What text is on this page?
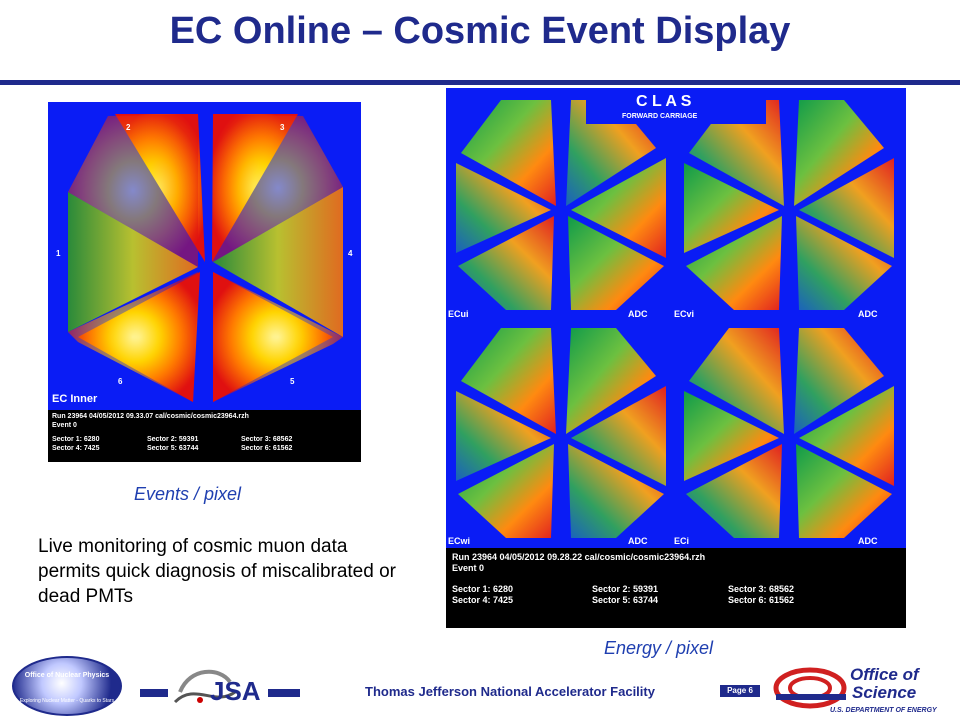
EC Online – Cosmic Event Display
2	3
1	4
6	5
EC Inner
Run 23964 04/05/2012 09.33.07 cal/cosmic/cosmic23964.rzh
Event 0
Sector 1: 6280	Sector 2: 59391	Sector 3: 68562
Sector 4: 7425	Sector 5: 63744	Sector 6: 61562
Events / pixel
Live monitoring of cosmic muon data permits quick diagnosis of miscalibrated or dead PMTs
C L A S
FORWARD CARRIAGE
ECui	ADC	ECvi	ADC
ECwi	ADC	ECi	ADC
Run 23964 04/05/2012 09.28.22 cal/cosmic/cosmic23964.rzh
Event 0
Sector 1: 6280	Sector 2: 59391	Sector 3: 68562
Sector 4: 7425	Sector 5: 63744	Sector 6: 61562
Energy / pixel
Office of Nuclear Physics
Exploring Nuclear Matter - Quarks to Stars	JSA	Thomas Jefferson National Accelerator Facility	Page 6
Office of
Science
U.S. DEPARTMENT OF ENERGY
